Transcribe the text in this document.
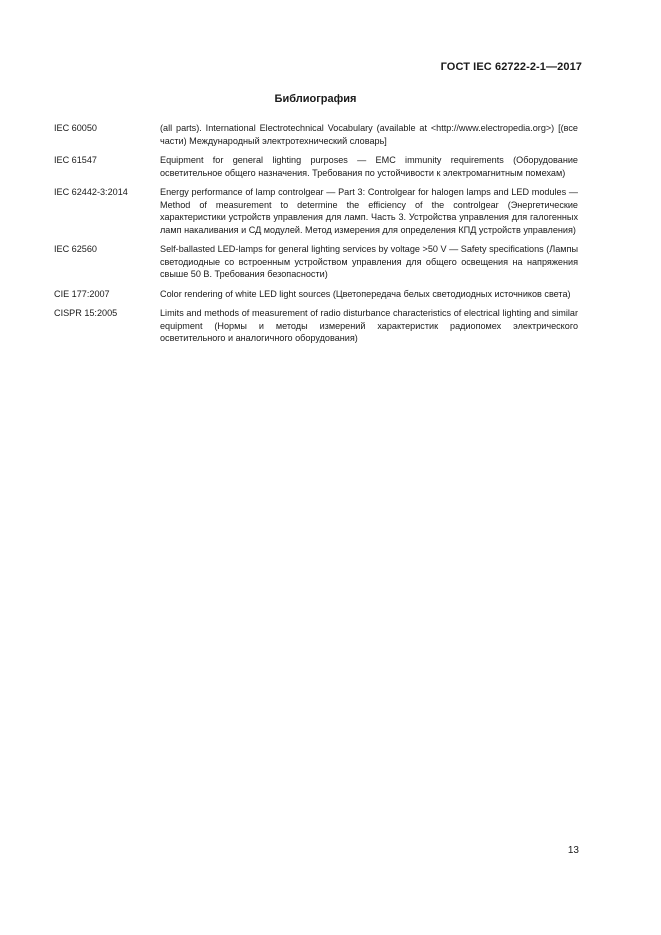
ГОСТ IEC 62722-2-1—2017
Библиография
IEC 60050	(all parts). International Electrotechnical Vocabulary (available at <http://www.electropedia.org>) [(все части) Международный электротехнический словарь]
IEC 61547	Equipment for general lighting purposes — EMC immunity requirements (Оборудование осветительное общего назначения. Требования по устойчивости к электромагнитным помехам)
IEC 62442-3:2014	Energy performance of lamp controlgear — Part 3: Controlgear for halogen lamps and LED modules — Method of measurement to determine the efficiency of the controlgear (Энергетические характеристики устройств управления для ламп. Часть 3. Устройства управления для галогенных ламп накаливания и СД модулей. Метод измерения для определения КПД устройств управления)
IEC 62560	Self-ballasted LED-lamps for general lighting services by voltage >50 V — Safety specifications (Лампы светодиодные со встроенным устройством управления для общего освещения на напряжения свыше 50 В. Требования безопасности)
CIE 177:2007	Color rendering of white LED light sources (Цветопередача белых светодиодных источников света)
CISPR 15:2005	Limits and methods of measurement of radio disturbance characteristics of electrical lighting and similar equipment (Нормы и методы измерений характеристик радиопомех электрического осветительного и аналогичного оборудования)
13
